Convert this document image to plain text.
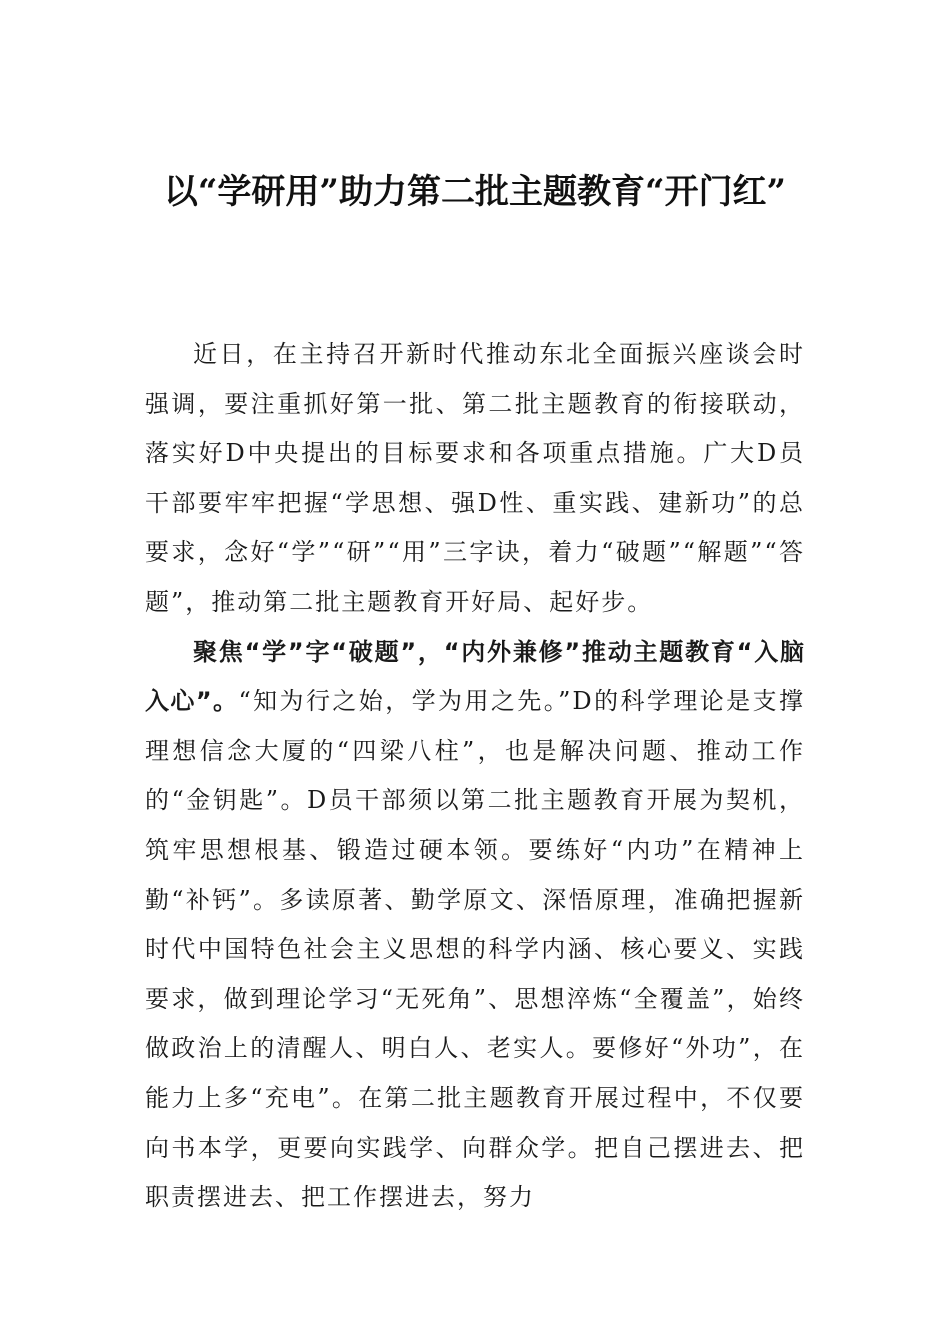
以“学研用”助力第二批主题教育“开门红”

近日，在主持召开新时代推动东北全面振兴座谈会时强调，要注重抓好第一批、第二批主题教育的衔接联动，落实好D中央提出的目标要求和各项重点措施。广大D员干部要牢牢把握“学思想、强D性、重实践、建新功”的总要求，念好“学”“研”“用”三字诀，着力“破题”“解题”“答题”，推动第二批主题教育开好局、起好步。

聚焦“学”字“破题”，“内外兼修”推动主题教育“入脑入心”。“知为行之始，学为用之先。”D的科学理论是支撑理想信念大厦的“四梁八柱”，也是解决问题、推动工作的“金钥匙”。D员干部须以第二批主题教育开展为契机，筑牢思想根基、锻造过硬本领。要练好“内功”在精神上勤“补钙”。多读原著、勤学原文、深悟原理，准确把握新时代中国特色社会主义思想的科学内涵、核心要义、实践要求，做到理论学习“无死角”、思想淬炼“全覆盖”，始终做政治上的清醒人、明白人、老实人。要修好“外功”，在能力上多“充电”。在第二批主题教育开展过程中，不仅要向书本学，更要向实践学、向群众学。把自己摆进去、把职责摆进去、把工作摆进去，努力
